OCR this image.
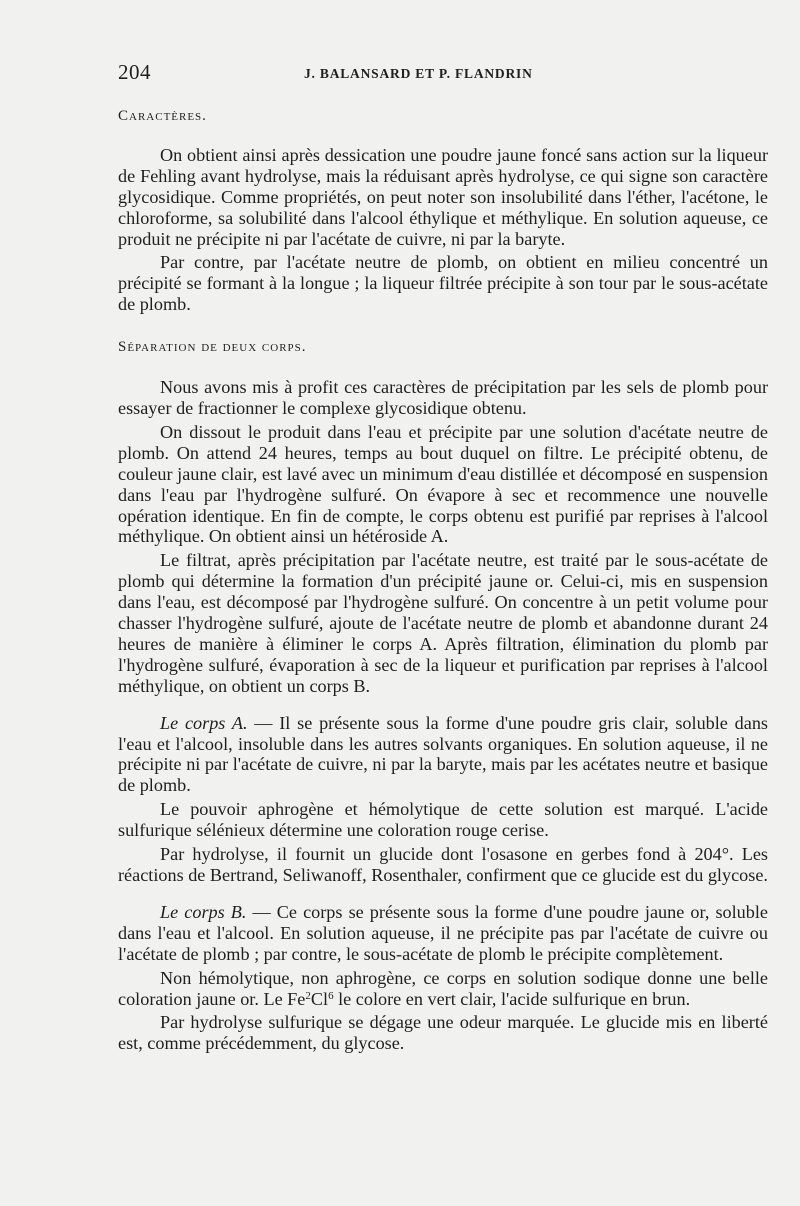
204	J. BALANSARD ET P. FLANDRIN
Caractères.

On obtient ainsi après dessication une poudre jaune foncé sans action sur la liqueur de Fehling avant hydrolyse, mais la réduisant après hydrolyse, ce qui signe son caractère glycosidique. Comme propriétés, on peut noter son insolubilité dans l'éther, l'acétone, le chloroforme, sa solubilité dans l'alcool éthylique et méthylique. En solution aqueuse, ce produit ne précipite ni par l'acétate de cuivre, ni par la baryte.

Par contre, par l'acétate neutre de plomb, on obtient en milieu concentré un précipité se formant à la longue ; la liqueur filtrée précipite à son tour par le sous-acétate de plomb.

Séparation de deux corps.

Nous avons mis à profit ces caractères de précipitation par les sels de plomb pour essayer de fractionner le complexe glycosidique obtenu.

On dissout le produit dans l'eau et précipite par une solution d'acétate neutre de plomb. On attend 24 heures, temps au bout duquel on filtre. Le précipité obtenu, de couleur jaune clair, est lavé avec un minimum d'eau distillée et décomposé en suspension dans l'eau par l'hydrogène sulfuré. On évapore à sec et recommence une nouvelle opération identique. En fin de compte, le corps obtenu est purifié par reprises à l'alcool méthylique. On obtient ainsi un hétéroside A.

Le filtrat, après précipitation par l'acétate neutre, est traité par le sous-acétate de plomb qui détermine la formation d'un précipité jaune or. Celui-ci, mis en suspension dans l'eau, est décomposé par l'hydrogène sulfuré. On concentre à un petit volume pour chasser l'hydrogène sulfuré, ajoute de l'acétate neutre de plomb et abandonne durant 24 heures de manière à éliminer le corps A. Après filtration, élimination du plomb par l'hydrogène sulfuré, évaporation à sec de la liqueur et purification par reprises à l'alcool méthylique, on obtient un corps B.

Le corps A. — Il se présente sous la forme d'une poudre gris clair, soluble dans l'eau et l'alcool, insoluble dans les autres solvants organiques. En solution aqueuse, il ne précipite ni par l'acétate de cuivre, ni par la baryte, mais par les acétates neutre et basique de plomb.

Le pouvoir aphrogène et hémolytique de cette solution est marqué. L'acide sulfurique sélénieux détermine une coloration rouge cerise.

Par hydrolyse, il fournit un glucide dont l'osasone en gerbes fond à 204°. Les réactions de Bertrand, Seliwanoff, Rosenthaler, confirment que ce glucide est du glycose.

Le corps B. — Ce corps se présente sous la forme d'une poudre jaune or, soluble dans l'eau et l'alcool. En solution aqueuse, il ne précipite pas par l'acétate de cuivre ou l'acétate de plomb ; par contre, le sous-acétate de plomb le précipite complètement.

Non hémolytique, non aphrogène, ce corps en solution sodique donne une belle coloration jaune or. Le Fe$^2$Cl$^6$ le colore en vert clair, l'acide sulfurique en brun.

Par hydrolyse sulfurique se dégage une odeur marquée. Le glucide mis en liberté est, comme précédemment, du glycose.
